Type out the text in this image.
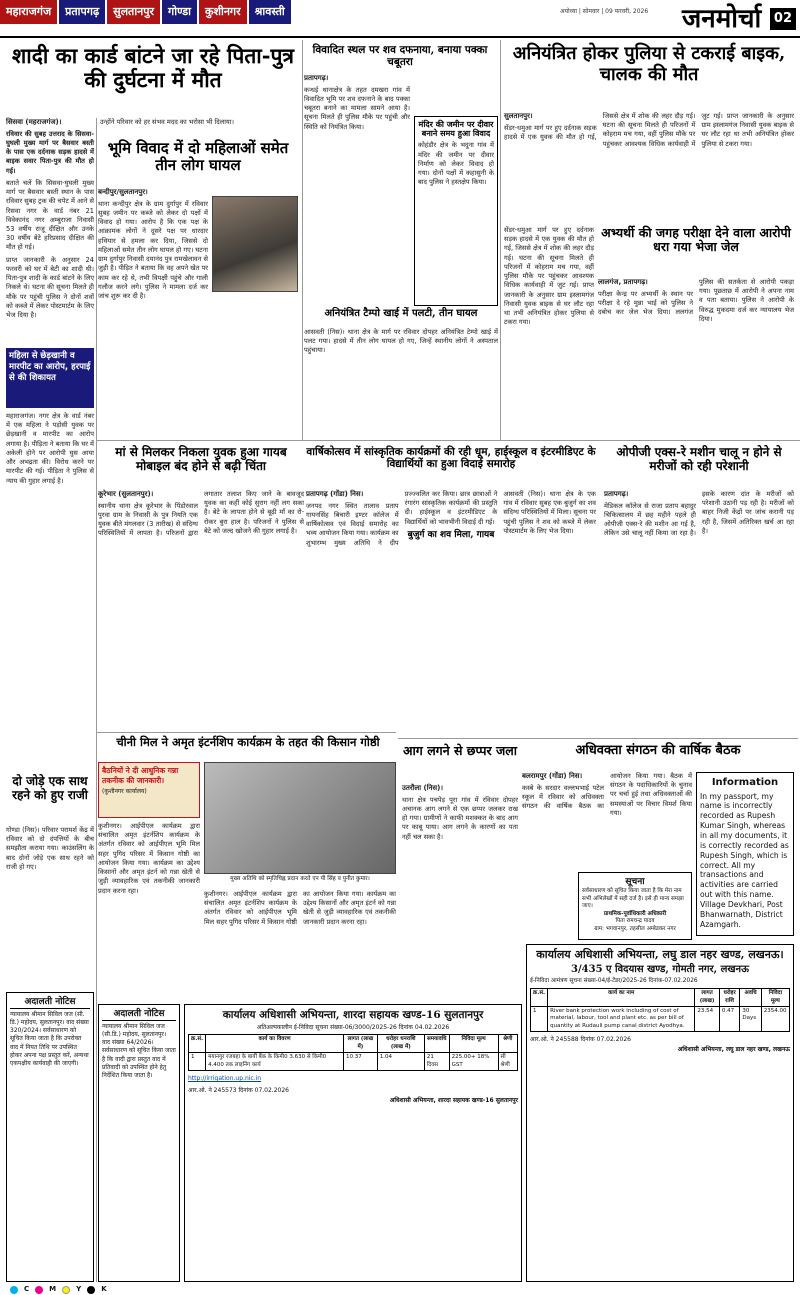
महाराजगंज	प्रतापगढ़	सुलतानपुर	गोण्डा	कुशीनगर	श्रावस्ती	अयोध्या | सोमवार | 09 फरवरी, 2026 जनमोर्चा 02
शादी का कार्ड बांटने जा रहे पिता-पुत्र की दुर्घटना में मौत
सिसवा (महराजगंज)।

रविवार की सुबह उत्तराद के सिसवा-घुघली मुख्य मार्ग पर बैसवार बस्ती के पास एक दर्दनाक सड़क हादसे में बाइक सवार पिता-पुत्र की मौत हो गई।

बताते चलें कि सिसवा-घुघली मुख्य मार्ग पर बैसवार बस्ती स्थान के पास रविवार सुबह ट्रक की चपेट में आने से रिसवा नगर के वार्ड नंबर 21 विवेकानंद नगर अम्बुराजा निवासी 53 वर्षीय राजू दीक्षित और उनके 30 वर्षीय बेटे हरिप्रसाद दीक्षित की मौत हो गई।

प्राप्त जानकारी के अनुसार 24 फरवरी को घर में बेटी का शादी थी। पिता-पुत्र शादी के कार्ड बांटने के लिए निकले थे। घटना की सूचना मिलते ही मौके पर पहुंची पुलिस ने दोनों शवों को कब्जे में लेकर पोस्टमार्टम के लिए भेज दिया है।

उन्होंने परिवार को हर संभव मदद का भरोसा भी दिलाया।

भूमि विवाद में दो महिलाओं समेत तीन लोग घायल
बन्दीपुर/सुलतानपुर।

थाना कन्दीपुर क्षेत्र के ग्राम दुर्गापुर में रविवार सुबह जमीन पर कब्जे को लेकर दो पक्षों में विवाद हो गया। आरोप है कि एक पक्ष के आक्रामक लोगों ने दूसरे पक्ष पर धारदार हथियार से हमला कर दिया, जिससे दो महिलाओं समेत तीन लोग घायल हो गए। घटना ग्राम दुर्गापुर निवासी दयानंद पुत्र रामखेलावन से जुड़ी है। पीड़ित ने बताया कि वह अपने खेत पर काम कर रहे थे, तभी विपक्षी पहुंचे और गाली गलौज करने लगे। पुलिस ने मामला दर्ज कर जांच शुरू कर दी है।

महिला से छेड़खानी व मारपीट का आरोप, हरपाई से की शिकायत

महाराजगंज। नगर क्षेत्र के वार्ड नंबर में एक महिला ने पड़ोसी युवक पर छेड़खानी व मारपीट का आरोप लगाया है। पीड़िता ने बताया कि घर में अकेली होने पर आरोपी घुस आया और अभद्रता की। विरोध करने पर मारपीट की गई। पीड़िता ने पुलिस से न्याय की गुहार लगाई है।

दो जोड़े एक साथ रहने को हुए राजी

गोण्डा (निस)। परिवार परामर्श केंद्र में रविवार को दो दंपत्तियों के बीच समझौता कराया गया। काउंसलिंग के बाद दोनों जोड़े एक साथ रहने को राजी हो गए।

विवादित स्थल पर शव दफनाया, बनाया पक्का चबूतरा
प्रतापगढ़।

कन्धई थानाक्षेत्र के तहत दमखरा गांव में विवादित भूमि पर शव दफनाने के बाद पक्का चबूतरा बनाने का मामला सामने आया है। सूचना मिलते ही पुलिस मौके पर पहुंची और स्थिति को नियंत्रित किया।	मंदिर की जमीन पर दीवार बनाने समय हुआ विवाद

कोहंडौर क्षेत्र के भदुना गांव में मंदिर की जमीन पर दीवार निर्माण को लेकर विवाद हो गया। दोनों पक्षों में कहासुनी के बाद पुलिस ने हस्तक्षेप किया।

अनियंत्रित टैम्पो खाई में पलटी, तीन घायल

आसवती (निस)। थाना क्षेत्र के मार्ग पर रविवार दोपहर अनियंत्रित टेम्पो खाई में पलट गया। हादसे में तीन लोग घायल हो गए, जिन्हें स्थानीय लोगों ने अस्पताल पहुंचाया।

अनियंत्रित होकर पुलिया से टकराई बाइक, चालक की मौत
सुलतानपुर।

सेंडर-धमुआ मार्ग पर हुए दर्दनाक सड़क हादसे में एक युवक की मौत हो गई, जिससे क्षेत्र में शोक की लहर दौड़ गई। घटना की सूचना मिलते ही परिजनों में कोहराम मच गया, वहीं पुलिस मौके पर पहुंचकर आवश्यक विधिक कार्यवाही में जुट गई। प्राप्त जानकारी के अनुसार ग्राम इस्लामगंज निवासी युवक बाइक से घर लौट रहा था तभी अनियंत्रित होकर पुलिया से टकरा गया।

अभ्यर्थी की जगह परीक्षा देने वाला आरोपी धरा गया भेजा जेल
लालगंज, प्रतापगढ़।

परीक्षा केन्द्र पर अभ्यर्थी के स्थान पर परीक्षा दे रहे मुन्ना भाई को पुलिस ने दबोच कर जेल भेज दिया। ललगंज पुलिस की सतर्कता से आरोपी पकड़ा गया। पूछताछ में आरोपी ने अपना नाम व पता बताया। पुलिस ने आरोपी के विरुद्ध मुकदमा दर्ज कर न्यायालय भेज दिया।

सेंडर-धमुआ मार्ग पर हुए दर्दनाक सड़क हादसे में एक युवक की मौत हो गई, जिससे क्षेत्र में शोक की लहर दौड़ गई। घटना की सूचना मिलते ही परिजनों में कोहराम मच गया, वहीं पुलिस मौके पर पहुंचकर आवश्यक विधिक कार्यवाही में जुट गई। प्राप्त जानकारी के अनुसार ग्राम इस्लामगंज निवासी युवक बाइक से घर लौट रहा था तभी अनियंत्रित होकर पुलिया से टकरा गया।

मां से मिलकर निकला युवक हुआ गायब मोबाइल बंद होने से बढ़ी चिंता
कूरेभार (सुलतानपुर)।

स्थानीय थाना क्षेत्र कूरेभार के पिंडोरवाल पुरवा ग्राम के निवासी के पुत्र नियति एक युवक बीते मंगलवार (3 तारीख) से संदिग्ध परिस्थितियों में लापता है। परिजनों द्वारा लगातार तलाश किए जाने के बावजूद युवक का कहीं कोई सुराग नहीं लग सका है। बेटे के लापता होने से बूढ़ी माँ का रो-रोकर बुरा हाल है। परिजनों ने पुलिस से बेटे को जल्द खोजने की गुहार लगाई है।

वार्षिकोत्सव में सांस्कृतिक कार्यक्रमों की रही धूम, हाईस्कूल व इंटरमीडिएट के विद्यार्थियों का हुआ विदाई समारोह
प्रतापगढ़ (गोंडा) निस।

जनपद नगर स्थित तालाव प्रताप गायनसिंह बिचारी इण्टर कॉलेज में वार्षिकोत्सव एवं विदाई समारोह का भव्य आयोजन किया गया। कार्यक्रम का शुभारम्भ मुख्य अतिथि ने दीप प्रज्ज्वलित कर किया। छात्र छात्राओं ने रंगारंग सांस्कृतिक कार्यक्रमों की प्रस्तुति दी। हाईस्कूल व इंटरमीडिएट के विद्यार्थियों को भावभीनी विदाई दी गई।

बुजुर्ग का शव मिला, गायब

आसवती (निस)। थाना क्षेत्र के एक गांव में रविवार सुबह एक बुजुर्ग का शव संदिग्ध परिस्थितियों में मिला। सूचना पर पहुंची पुलिस ने शव को कब्जे में लेकर पोस्टमार्टम के लिए भेज दिया।

ओपीजी एक्स-रे मशीन चालू न होने से मरीजों को रही परेशानी
प्रतापगढ़।

मेडिकल कॉलेज से राजा प्रताप बहादुर चिकित्सालय में छह महीने पहले ही ओपीजी एक्स-रे की मशीन आ गई है, लेकिन उसे चालू नहीं किया जा रहा है। इसके कारण दांत के मरीजों को परेशानी उठानी पड़ रही है। मरीजों को बाहर निजी केंद्रों पर जांच करानी पड़ रही है, जिसमें अतिरिक्त खर्च आ रहा है।

चीनी मिल ने अमृत इंटर्नशिप कार्यक्रम के तहत की किसान गोष्ठी
बैठनियों ने दी आधुनिक गन्ना तकनीक की जानकारी।
(कुशीनगर कार्यालय)
मुख्य अतिथि को स्मृतिचिह्न प्रदान करते एन पी सिंह व युनीत कुमार।

कुशीनगर। आईपीएल कार्यक्रम द्वारा संचालित अमृत इंटर्नशिप कार्यक्रम के अंतर्गत रविवार को आईपीएल भूमि मिल सहर पुगिद परिसर में किसान गोष्ठी का आयोजन किया गया। कार्यक्रम का उद्देश्य किसानों और अमृत इंटर्न को गन्ना खेती से जुड़ी व्यावहारिक एवं तकनीकी जानकारी प्रदान करना रहा।	कुशीनगर। आईपीएल कार्यक्रम द्वारा संचालित अमृत इंटर्नशिप कार्यक्रम के अंतर्गत रविवार को आईपीएल भूमि मिल सहर पुगिद परिसर में किसान गोष्ठी का आयोजन किया गया। कार्यक्रम का उद्देश्य किसानों और अमृत इंटर्न को गन्ना खेती से जुड़ी व्यावहारिक एवं तकनीकी जानकारी प्रदान करना रहा।

आग लगने से छप्पर जला
उतरौला (निस)।

थाना क्षेत्र पचपेड़ पूरा गांव में रविवार दोपहर अचानक आग लगने से एक छप्पर जलकर राख हो गया। ग्रामीणों ने काफी मशक्कत के बाद आग पर काबू पाया। आग लगने के कारणों का पता नहीं चल सका है।

अधिवक्ता संगठन की वार्षिक बैठक
बलरामपुर (गोंडा) निस।

कस्बे के सरदार वल्लभभाई पटेल स्कूल में रविवार को अधिवक्ता संगठन की वार्षिक बैठक का आयोजन किया गया। बैठक में संगठन के पदाधिकारियों के चुनाव पर चर्चा हुई तथा अधिवक्ताओं की समस्याओं पर विचार विमर्श किया गया।

Information
In my passport, my name is incorrectly recorded as Rupesh Kumar Singh, whereas in all my documents, it is correctly recorded as Rupesh Singh, which is correct. All my transactions and activities are carried out with this name. Village Devkhari, Post Bhanwarnath, District Azamgarh.
सूचना
सर्वसाधारण को सूचित किया जाता है कि मेरा नाम सभी अभिलेखों में सही दर्ज है। इसे ही मान्य समझा जाए।
प्राथमिक-पूर्वाधिकारी अधिकारी
पिता रामचन्द्र यादव
ग्राम: भगवानपुर, तहसील अम्बेडकर नगर
अदालती नोटिस
न्यायालय श्रीमान सिविल जज (सी. डि.) महोदय, सुलतानपुर। वाद संख्या 320/2024। सर्वसाधारण को सूचित किया जाता है कि उपरोक्त वाद में नियत तिथि पर उपस्थित होकर अपना पक्ष प्रस्तुत करें, अन्यथा एकपक्षीय कार्यवाही की जाएगी।
अदालती नोटिस
न्यायालय श्रीमान सिविल जज (सी.डि.) महोदय, सुलतानपुर। वाद संख्या 64/2026। सर्वसाधारण को सूचित किया जाता है कि वादी द्वारा प्रस्तुत वाद में प्रतिवादी को उपस्थित होने हेतु निर्देशित किया जाता है।
कार्यालय अधिशासी अभियन्ता, शारदा सहायक खण्ड-16 सुलतानपुर
अतिअल्पकालीन ई-निविदा सूचना संख्या-06/3000/2025-26 दिनांक 04.02.2026
क्र.सं.	कार्य का विवरण	लागत (लाख में)	धरोहर धनराशि (लाख में)	समयावधि	निविदा मूल्य	श्रेणी
1	मयानगुर रजबहा के बायीं बैंक के किमी0 3.630 से किमी0 4.400 तक लाइनिंग कार्य	10.37	1.04	21 दिवस	225.00+ 18% GST	सी श्रेणी
http://irrigation.up.nic.in
आर.ओ. ने 245573 दिनांक 07.02.2026
अधिशासी अभियन्ता, शारदा सहायक खण्ड-16 सुलतानपुर
कार्यालय अधिशासी अभियन्ता, लघु डाल नहर खण्ड, लखनऊ।
3/435 ए विदयास खण्ड, गोमती नगर, लखनऊ
ई-निविदा आमंत्रण सूचना संख्या-04/ई-टेंडर/2025-26 दिनांक-07.02.2026
क्र.सं.	कार्य का नाम	लागत (लाख)	धरोहर राशि	अवधि	निविदा मूल्य
1	River bank protection work including of cost of material, labour, tool and plant etc. as per bill of quantity at Rudauli pump canal district Ayodhya.	23.54	0.47	30 Days	2354.00
आर.ओ. ने 245588 दिनांक 07.02.2026
अधिशासी अभियन्ता, लघु डाल नहर खण्ड, लखनऊ
C	M	Y	K
